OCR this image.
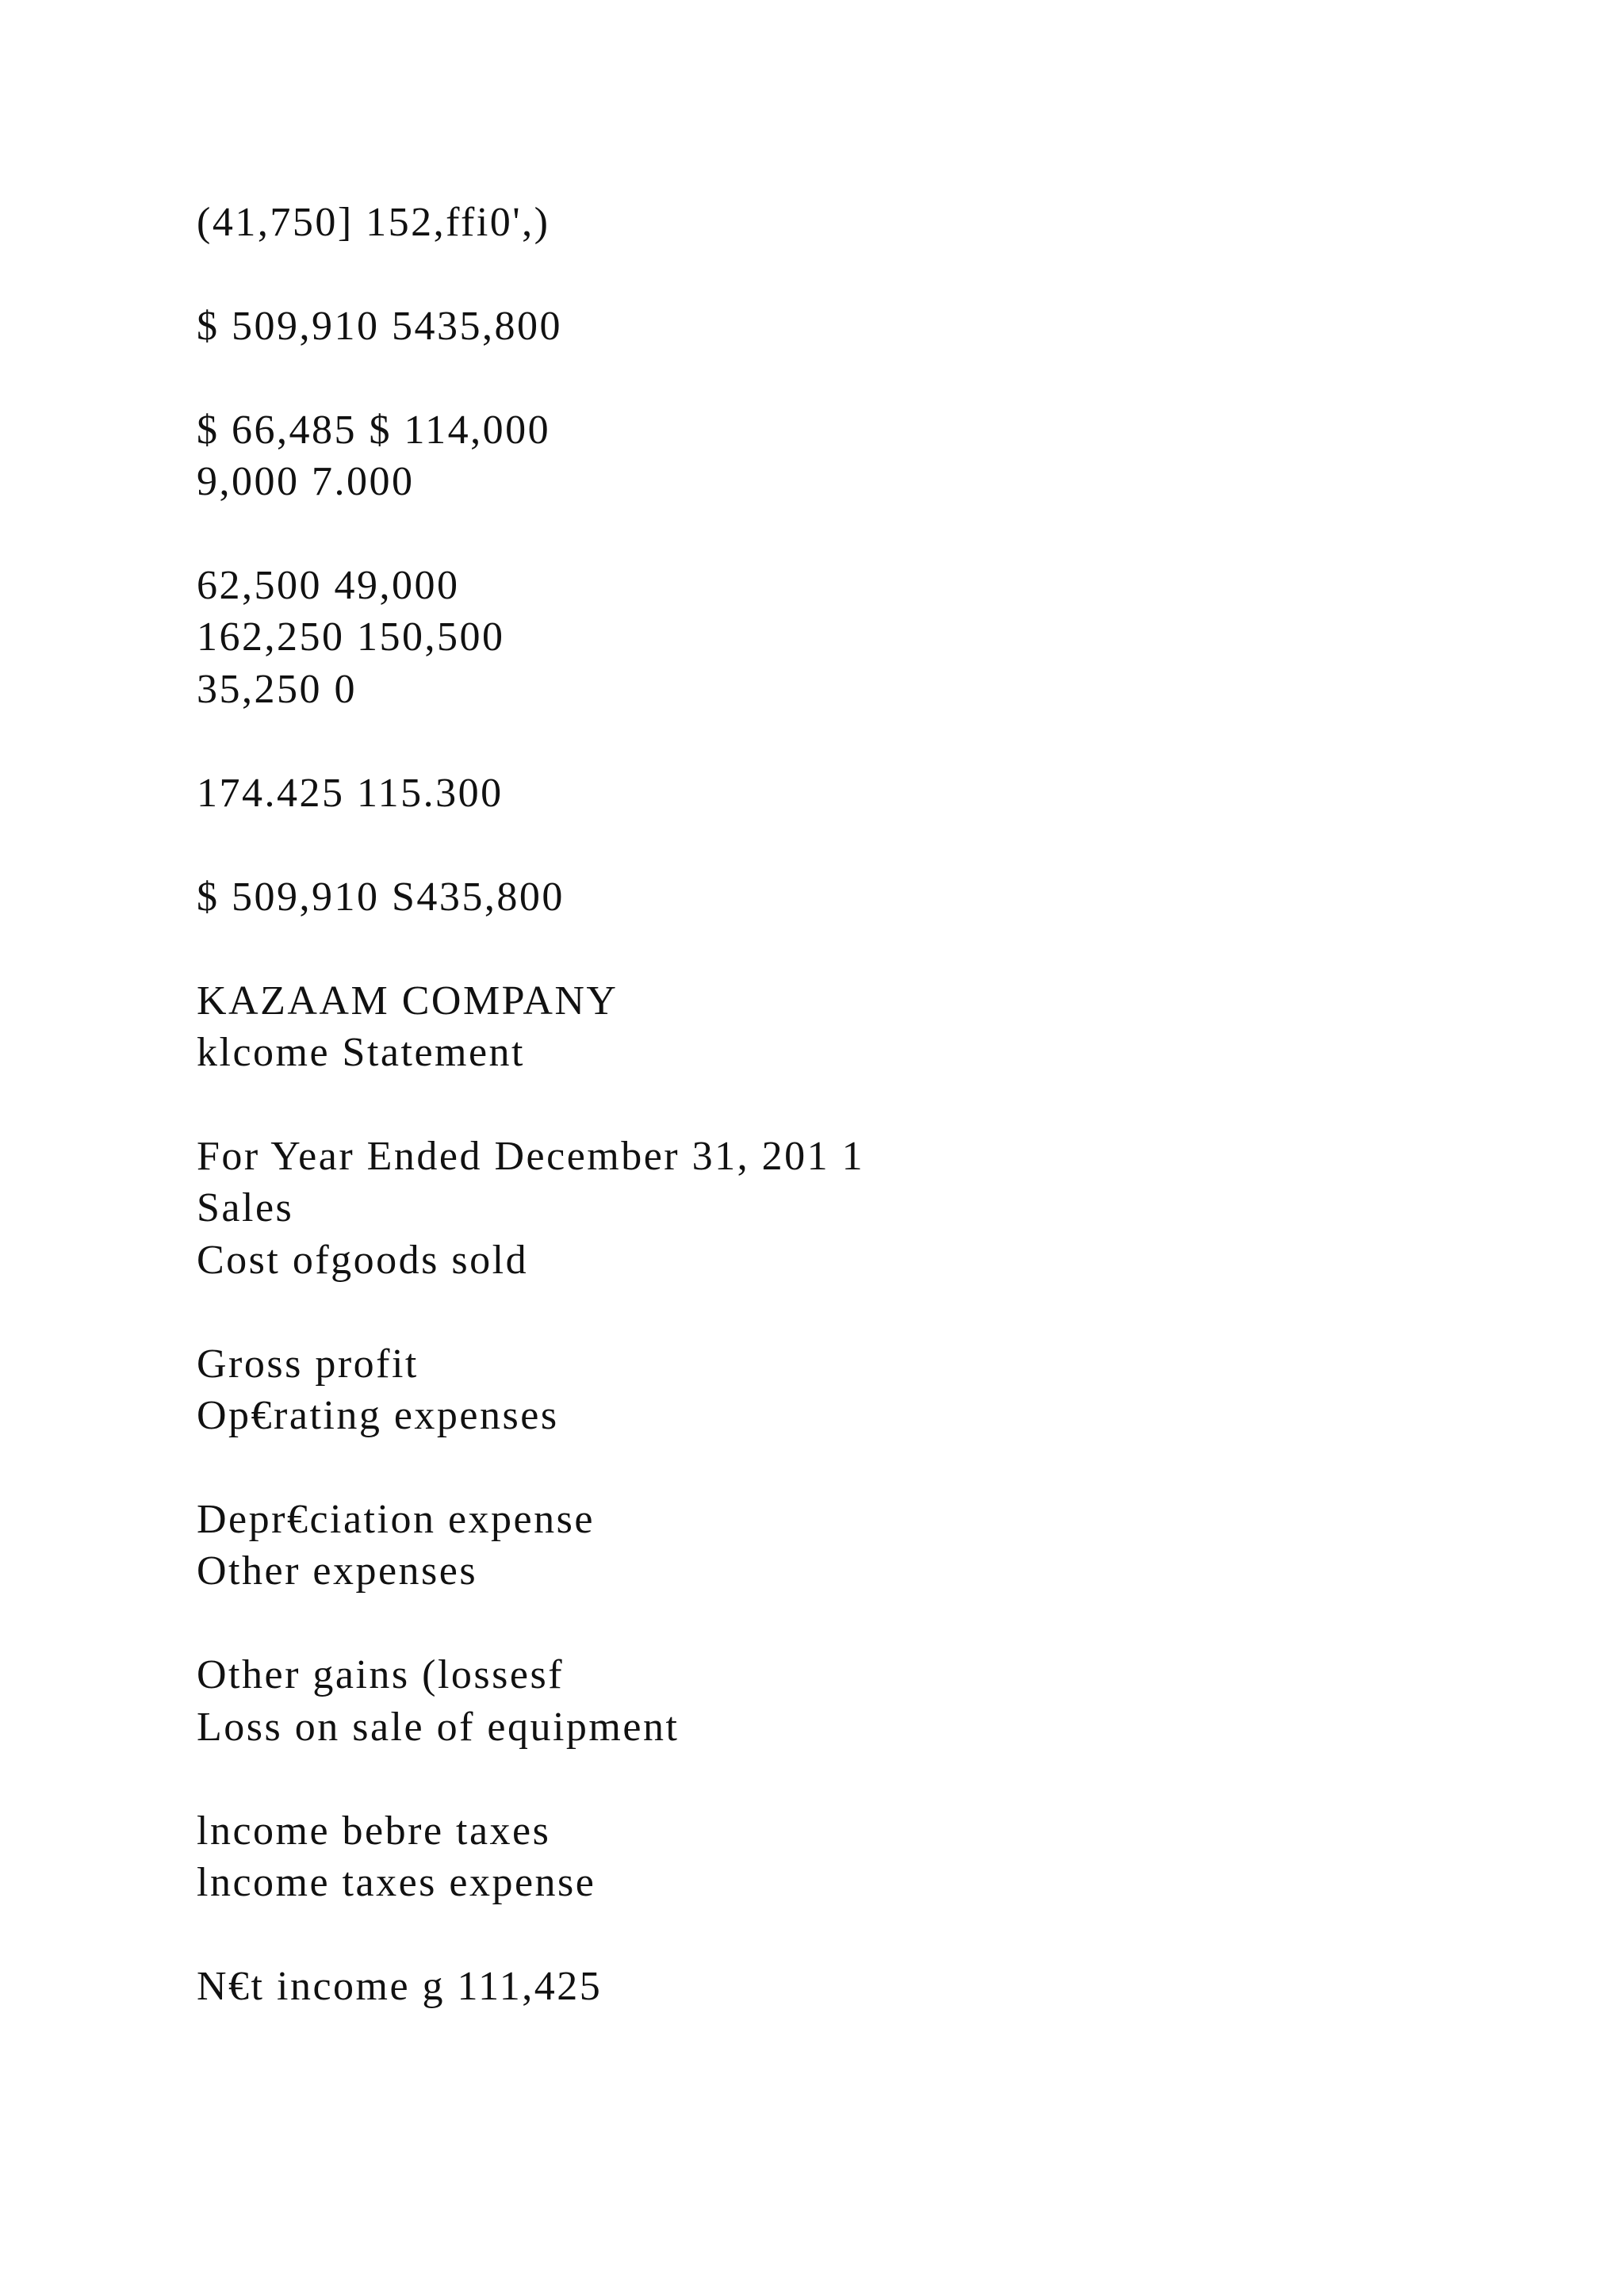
(41,750] 152,ffi0',)

$ 509,910 5435,800

$ 66,485 $ 114,000

9,000 7.000

62,500 49,000

162,250 150,500

35,250 0

174.425 115.300

$ 509,910 S435,800

KAZAAM COMPANY

klcome Statement

For Year Ended December 31, 201 1

Sales

Cost ofgoods sold

Gross profit

Op€rating expenses

Depr€ciation expense

Other expenses

Other gains (lossesf

Loss on sale of equipment

lncome bebre taxes

lncome taxes expense

N€t income g 111,425
